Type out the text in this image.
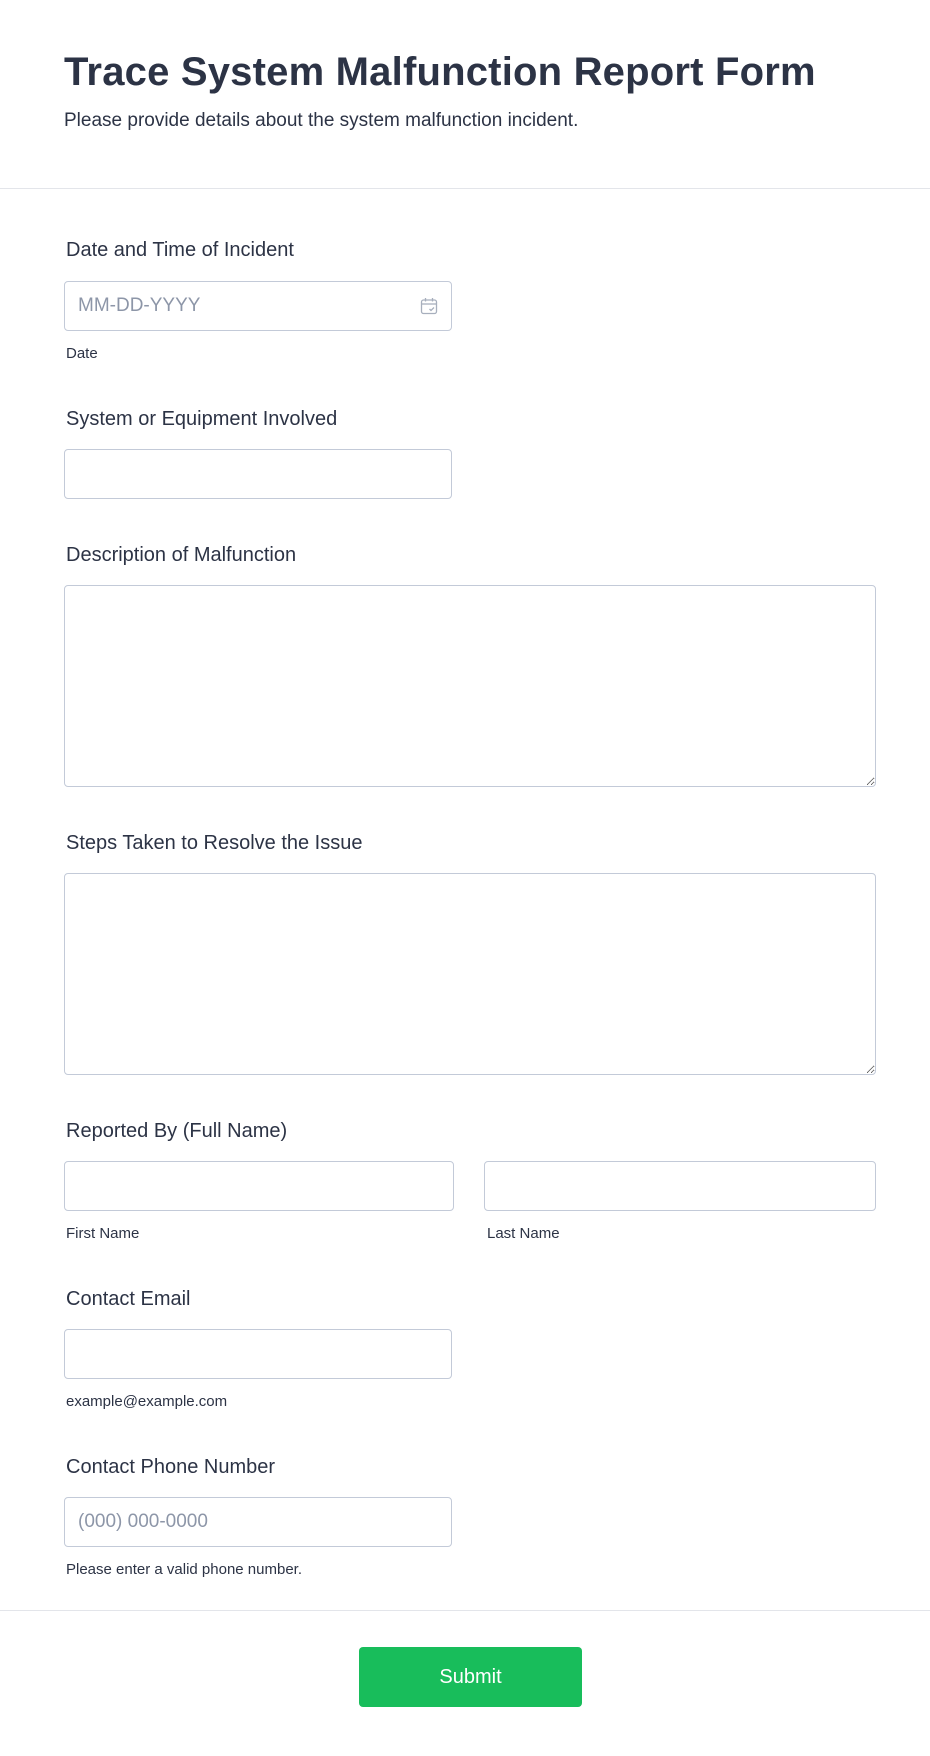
Trace System Malfunction Report Form

Please provide details about the system malfunction incident.

Date and Time of Incident
MM-DD-YYYY
Date
System or Equipment Involved
Description of Malfunction
Steps Taken to Resolve the Issue
Reported By (Full Name)
First Name	Last Name
Contact Email
example@example.com
Contact Phone Number
(000) 000-0000
Please enter a valid phone number.
Submit
